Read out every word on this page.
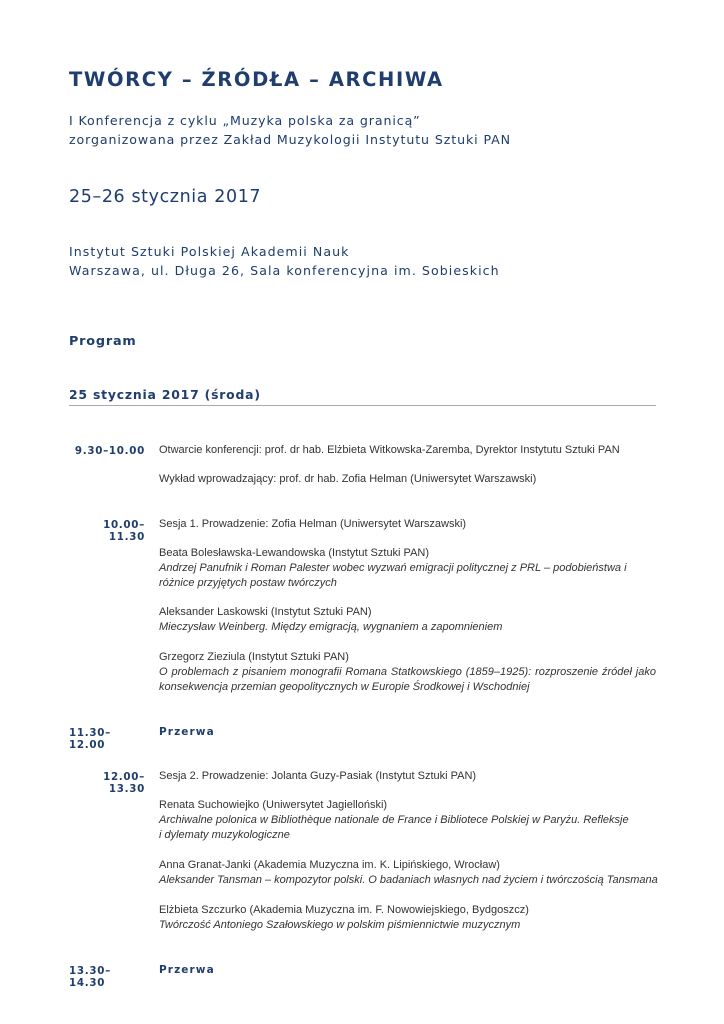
TWÓRCY – ŹRÓDŁA – ARCHIWA
I Konferencja z cyklu „Muzyka polska za granicą”
zorganizowana przez Zakład Muzykologii Instytutu Sztuki PAN
25–26 stycznia 2017
Instytut Sztuki Polskiej Akademii Nauk
Warszawa, ul. Długa 26, Sala konferencyjna im. Sobieskich
Program
25 stycznia 2017 (środa)
9.30–10.00 Otwarcie konferencji: prof. dr hab. Elżbieta Witkowska-Zaremba, Dyrektor Instytutu Sztuki PAN
Wykład wprowadzający: prof. dr hab. Zofia Helman (Uniwersytet Warszawski)
10.00–11.30
Sesja 1. Prowadzenie: Zofia Helman (Uniwersytet Warszawski)
Beata Bolesławska-Lewandowska (Instytut Sztuki PAN)
Andrzej Panufnik i Roman Palester wobec wyzwań emigracji politycznej z PRL – podobieństwa i różnice przyjętych postaw twórczych
Aleksander Laskowski (Instytut Sztuki PAN)
Mieczysław Weinberg. Między emigracją, wygnaniem a zapomnieniem
Grzegorz Zieziula (Instytut Sztuki PAN)
O problemach z pisaniem monografii Romana Statkowskiego (1859–1925): rozproszenie źródeł jako konsekwencja przemian geopolitycznych w Europie Środkowej i Wschodniej
11.30–12.00
Przerwa
12.00–13.30
Sesja 2. Prowadzenie: Jolanta Guzy-Pasiak (Instytut Sztuki PAN)
Renata Suchowiejko (Uniwersytet Jagielloński)
Archiwalne polonica w Bibliothèque nationale de France i Bibliotece Polskiej w Paryżu. Refleksje i dylematy muzykologiczne
Anna Granat-Janki (Akademia Muzyczna im. K. Lipińskiego, Wrocław)
Aleksander Tansman – kompozytor polski. O badaniach własnych nad życiem i twórczością Tansmana
Elżbieta Szczurko (Akademia Muzyczna im. F. Nowowiejskiego, Bydgoszcz)
Twórczość Antoniego Szałowskiego w polskim piśmiennictwie muzycznym
13.30–14.30
Przerwa
